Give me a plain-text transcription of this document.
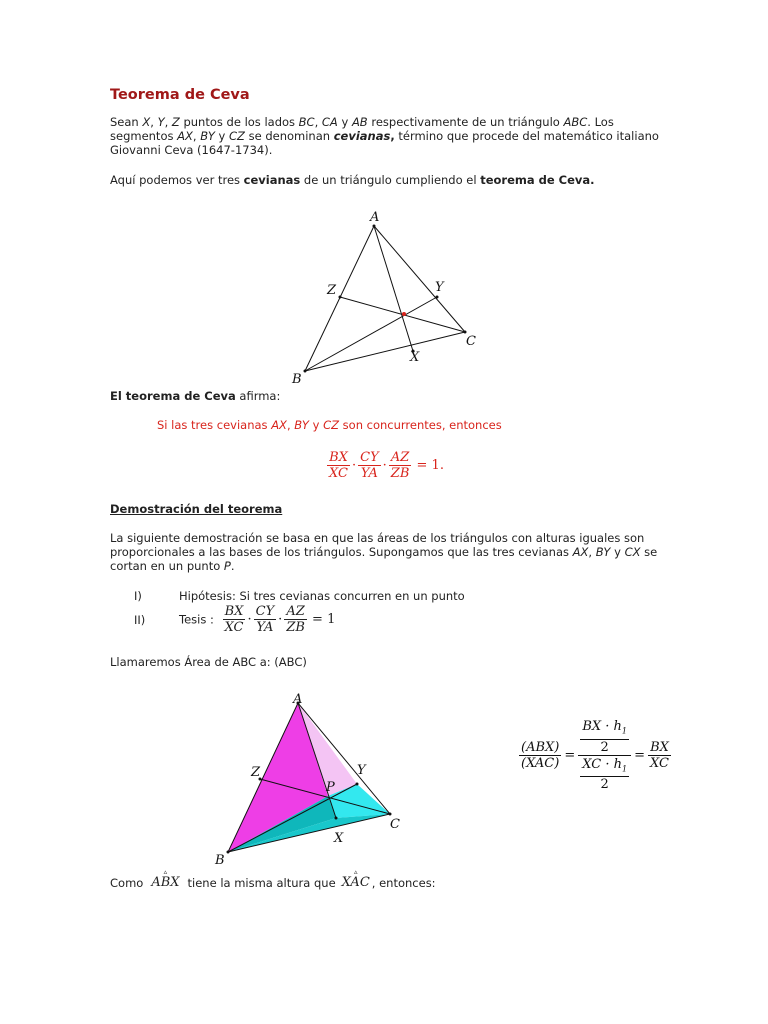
Teorema de Ceva
Sean X, Y, Z puntos de los lados BC, CA y AB respectivamente de un triángulo ABC. Los segmentos AX, BY y CZ se denominan cevianas, término que procede del matemático italiano Giovanni Ceva (1647-1734).
Aquí podemos ver tres cevianas de un triángulo cumpliendo el teorema de Ceva.
A
B
C
X
Y
Z
El teorema de Ceva afirma:
Si las tres cevianas AX, BY y CZ son concurrentes, entonces
$\frac{BX}{XC} \cdot \frac{CY}{YA} \cdot \frac{AZ}{ZB} = 1$.
Demostración del teorema
La siguiente demostración se basa en que las áreas de los triángulos con alturas iguales son proporcionales a las bases de los triángulos. Supongamos que las tres cevianas AX, BY y CX se cortan en un punto P.
I)	Hipótesis: Si tres cevianas concurren en un punto
II)	Tesis : $\frac{BX}{XC} \cdot \frac{CY}{YA} \cdot \frac{AZ}{ZB} = 1$
Llamaremos Área de ABC a: (ABC)
A
B
C
X
Y
Z
P
$\frac{\text{(ABX)}}{\text{(XAC)}} = \frac{\frac{BX \cdot h_1}{2}}{\frac{XC \cdot h_1}{2}} = \frac{BX}{XC}$
Como
▵
ABX tiene la misma altura que
▵
XAC , entonces:
